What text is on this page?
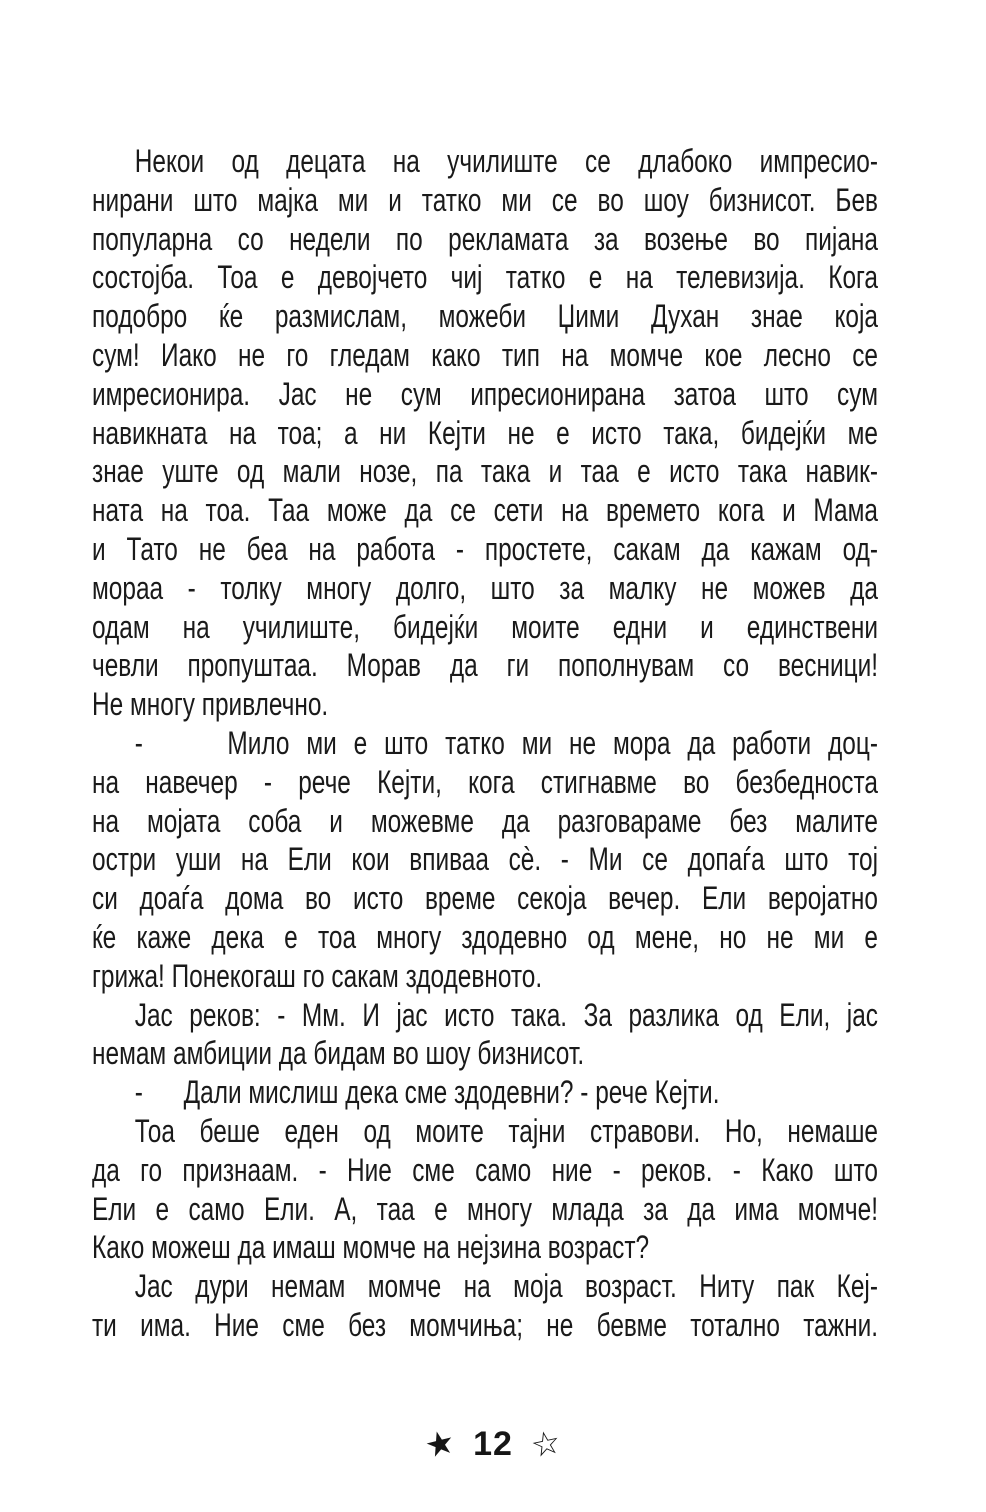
Некои од децата на училиште се длабоко импресио-
нирани што мајка ми и татко ми се во шоу бизнисот. Бев
популарна со недели по рекламата за возење во пијана
состојба. Тоа е девојчето чиј татко е на телевизија. Кога
подобро ќе размислам, можеби Џими Духан знае која
сум! Иако не го гледам како тип на момче кое лесно се
имресионира. Јас не сум ипресионирана затоа што сум
навикната на тоа; а ни Кејти не е исто така, бидејќи ме
знае уште од мали нозе, па така и таа е исто така навик-
ната на тоа. Таа може да се сети на времето кога и Мама
и Тато не беа на работа - простете, сакам да кажам од-
мораа - толку многу долго, што за малку не можев да
одам на училиште, бидејќи моите едни и единствени
чевли пропуштаа. Морав да ги пополнувам со весници!
Не многу привлечно.
-     Мило ми е што татко ми не мора да работи доц-
на навечер - рече Кејти, кога стигнавме во безбедноста
на мојата соба и можевме да разговараме без малите
остри уши на Ели кои впиваа сѐ. - Ми се допаѓа што тој
си доаѓа дома во исто време секоја вечер. Ели веројатно
ќе каже дека е тоа многу здодевно од мене, но не ми е
грижа! Понекогаш го сакам здодевното.
Јас реков: - Мм. И јас исто така. За разлика од Ели, јас
немам амбиции да бидам во шоу бизнисот.
-      Дали мислиш дека сме здодевни? - рече Кејти.
Тоа беше еден од моите тајни стравови. Но, немаше
да го признаам. - Ние сме само ние - реков. - Како што
Ели е само Ели. А, таа е многу млада за да има момче!
Како можеш да имаш момче на нејзина возраст?
Јас дури немам момче на моја возраст. Ниту пак Кеј-
ти има. Ние сме без момчиња; не бевме тотално тажни.
★ 12 ☆
